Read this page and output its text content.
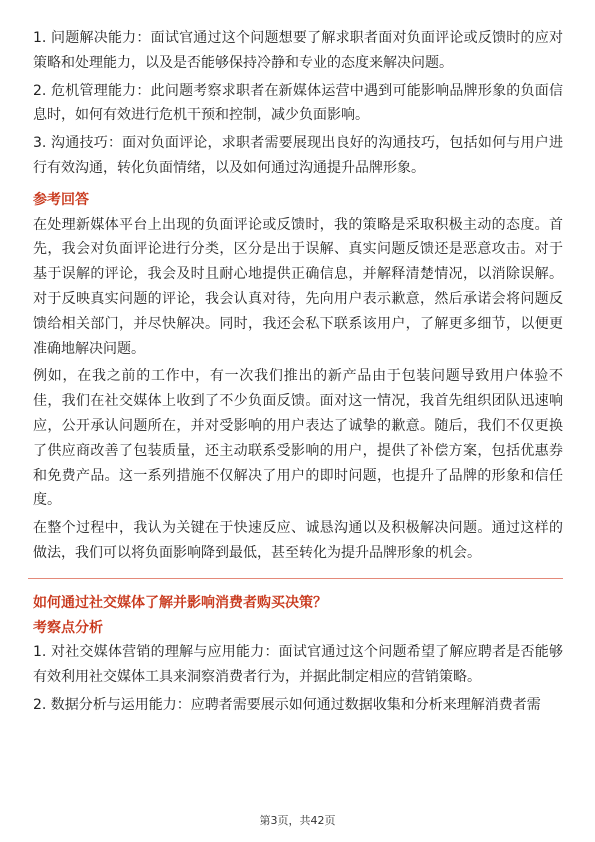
1. 问题解决能力：面试官通过这个问题想要了解求职者面对负面评论或反馈时的应对策略和处理能力，以及是否能够保持冷静和专业的态度来解决问题。

2. 危机管理能力：此问题考察求职者在新媒体运营中遇到可能影响品牌形象的负面信息时，如何有效进行危机干预和控制，减少负面影响。

3. 沟通技巧：面对负面评论，求职者需要展现出良好的沟通技巧，包括如何与用户进行有效沟通，转化负面情绪，以及如何通过沟通提升品牌形象。

参考回答

在处理新媒体平台上出现的负面评论或反馈时，我的策略是采取积极主动的态度。首先，我会对负面评论进行分类，区分是出于误解、真实问题反馈还是恶意攻击。对于基于误解的评论，我会及时且耐心地提供正确信息，并解释清楚情况，以消除误解。对于反映真实问题的评论，我会认真对待，先向用户表示歉意，然后承诺会将问题反馈给相关部门，并尽快解决。同时，我还会私下联系该用户，了解更多细节，以便更准确地解决问题。

例如，在我之前的工作中，有一次我们推出的新产品由于包装问题导致用户体验不佳，我们在社交媒体上收到了不少负面反馈。面对这一情况，我首先组织团队迅速响应，公开承认问题所在，并对受影响的用户表达了诚挚的歉意。随后，我们不仅更换了供应商改善了包装质量，还主动联系受影响的用户，提供了补偿方案，包括优惠券和免费产品。这一系列措施不仅解决了用户的即时问题，也提升了品牌的形象和信任度。

在整个过程中，我认为关键在于快速反应、诚恳沟通以及积极解决问题。通过这样的做法，我们可以将负面影响降到最低，甚至转化为提升品牌形象的机会。

如何通过社交媒体了解并影响消费者购买决策？
考察点分析

1. 对社交媒体营销的理解与应用能力：面试官通过这个问题希望了解应聘者是否能够有效利用社交媒体工具来洞察消费者行为，并据此制定相应的营销策略。

2. 数据分析与运用能力：应聘者需要展示如何通过数据收集和分析来理解消费者需

第3页，共42页
